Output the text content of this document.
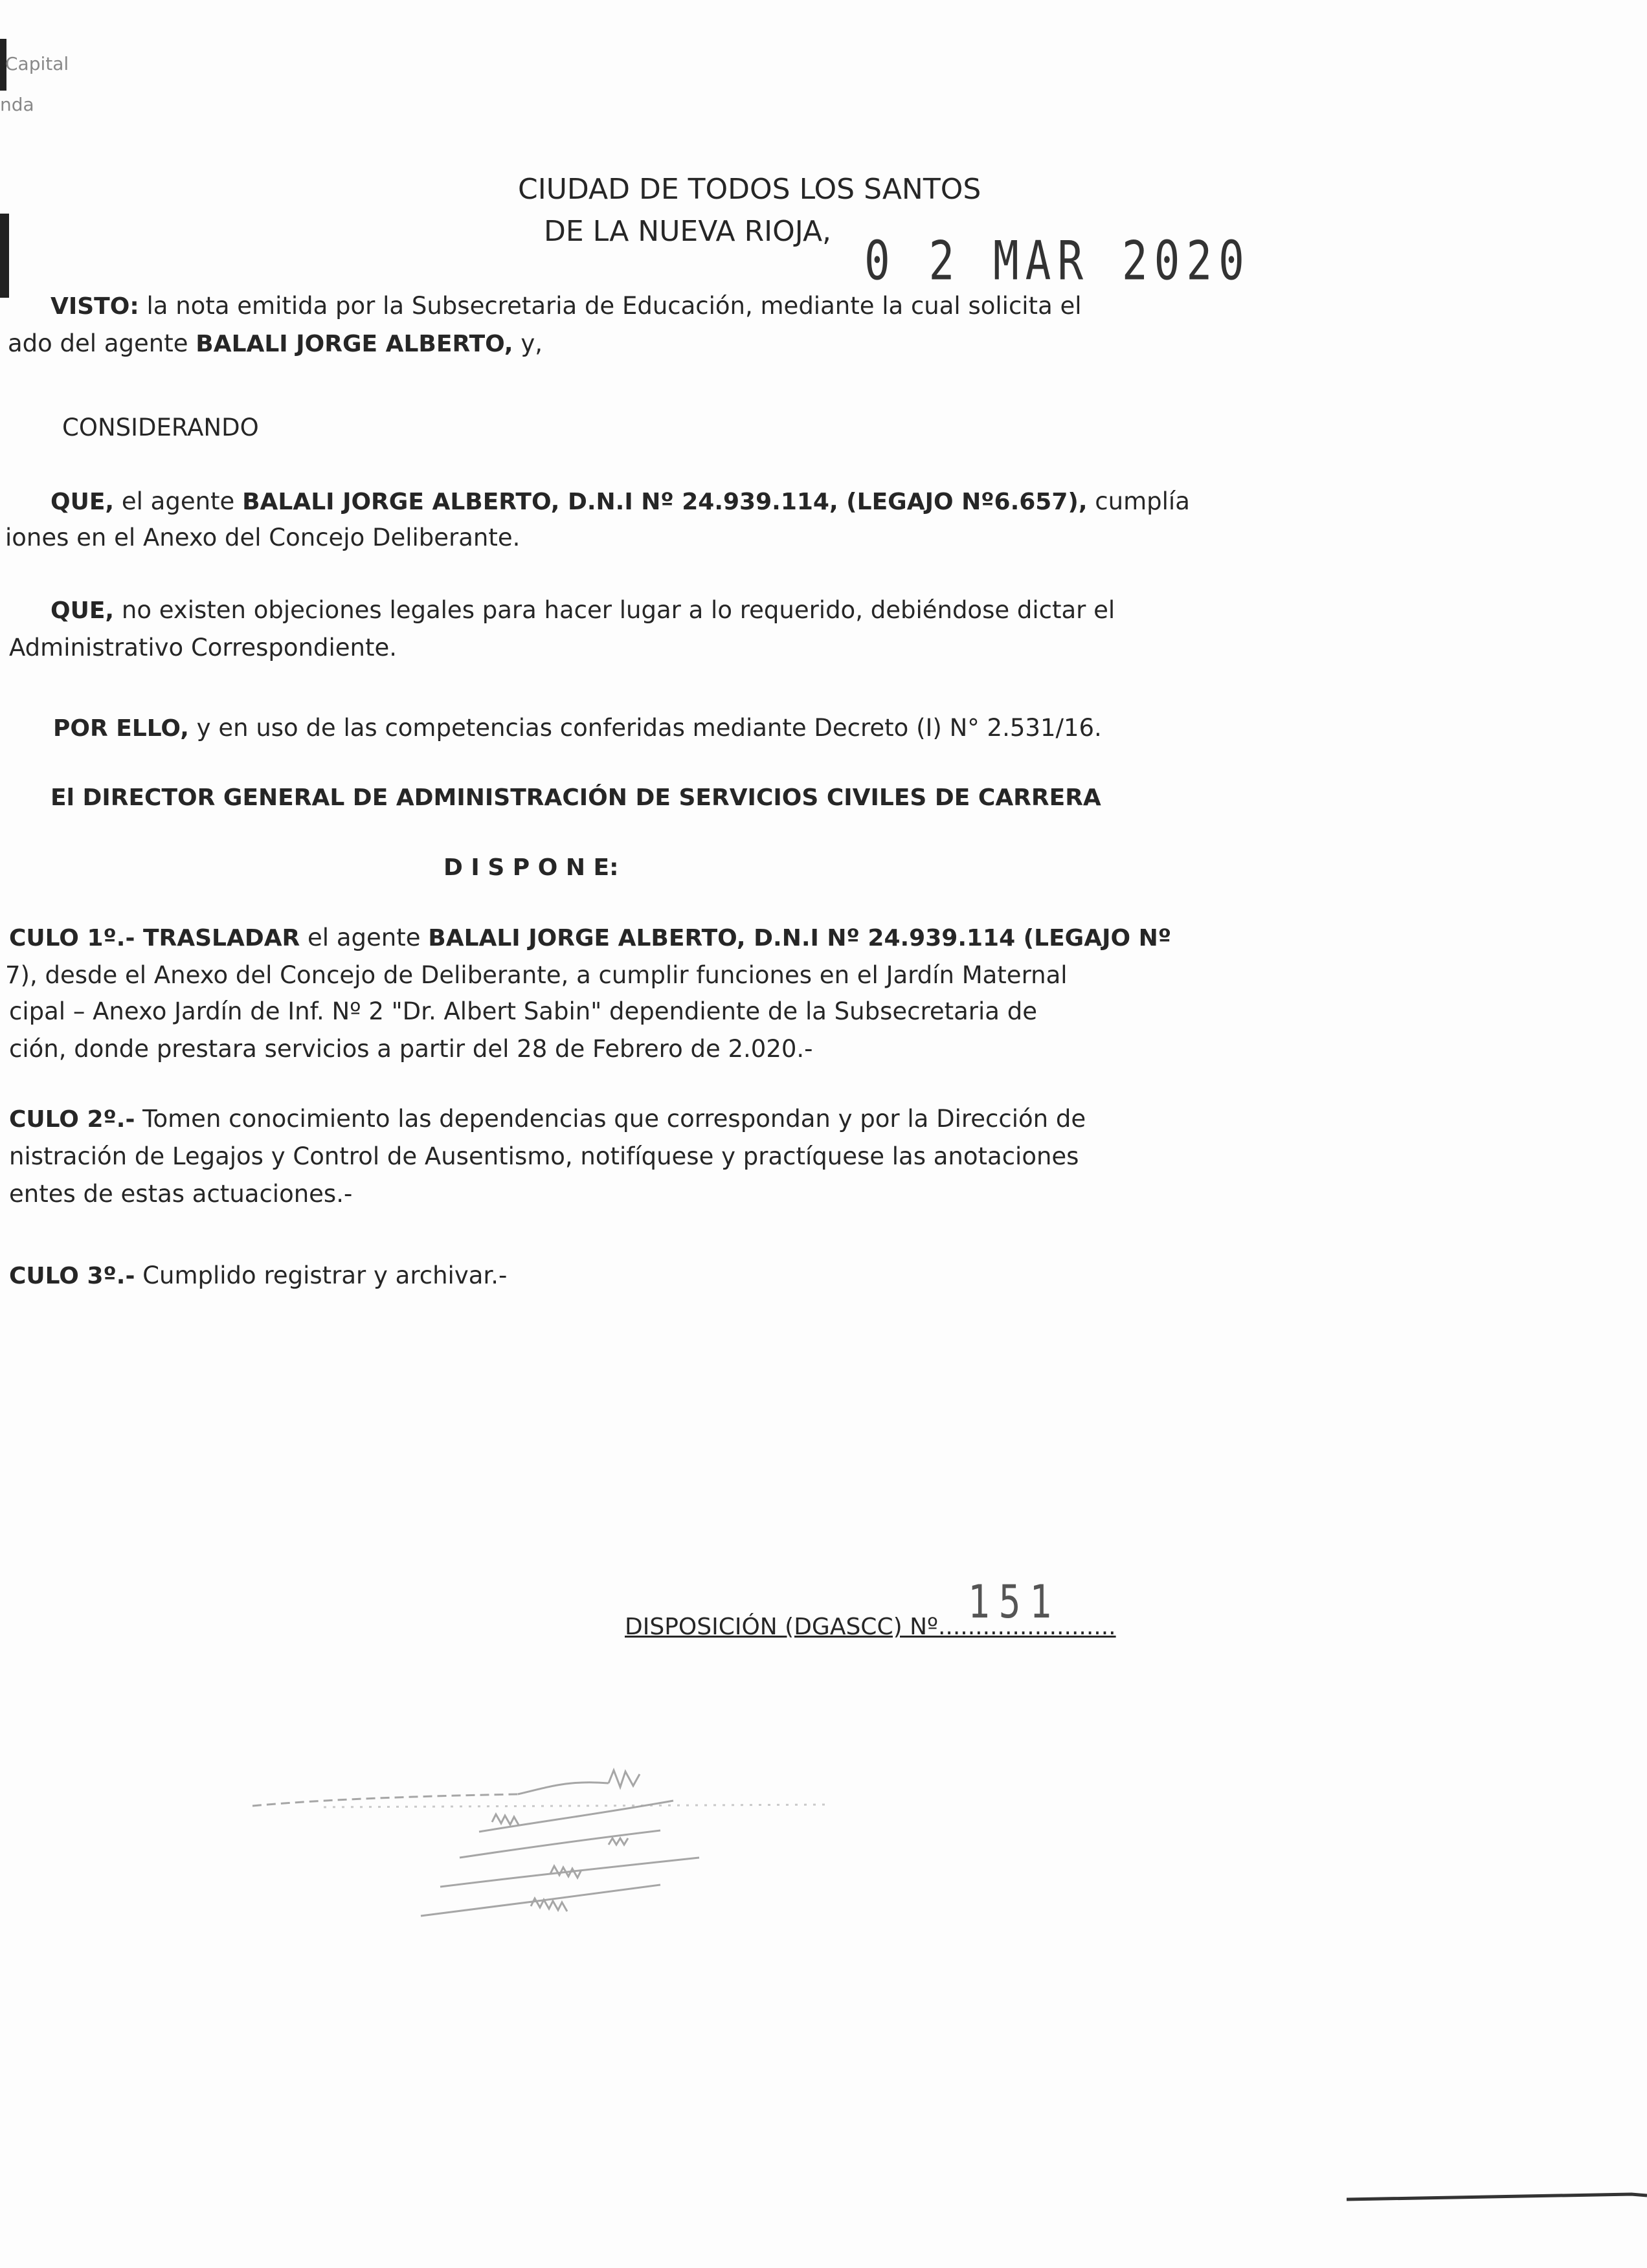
Capital
nda
CIUDAD DE TODOS LOS SANTOS
DE LA NUEVA RIOJA, 0 2 MAR 2020
VISTO: la nota emitida por la Subsecretaria de Educación, mediante la cual solicita el
ado del agente BALALI JORGE ALBERTO, y,
CONSIDERANDO
QUE, el agente BALALI JORGE ALBERTO, D.N.I Nº 24.939.114, (LEGAJO Nº6.657), cumplía
iones en el Anexo del Concejo Deliberante.
QUE, no existen objeciones legales para hacer lugar a lo requerido, debiéndose dictar el
Administrativo Correspondiente.
POR ELLO, y en uso de las competencias conferidas mediante Decreto (I) N° 2.531/16.
El DIRECTOR GENERAL DE ADMINISTRACIÓN DE SERVICIOS CIVILES DE CARRERA
D I S P O N E:
CULO 1º.- TRASLADAR el agente BALALI JORGE ALBERTO, D.N.I Nº 24.939.114 (LEGAJO Nº
7), desde el Anexo del Concejo de Deliberante, a cumplir funciones en el Jardín Maternal
cipal – Anexo Jardín de Inf. Nº 2 "Dr. Albert Sabin" dependiente de la Subsecretaria de
ción, donde prestara servicios a partir del 28 de Febrero de 2.020.-
CULO 2º.- Tomen conocimiento las dependencias que correspondan y por la Dirección de
nistración de Legajos y Control de Ausentismo, notifíquese y practíquese las anotaciones
entes de estas actuaciones.-
CULO 3º.- Cumplido registrar y archivar.-
151
DISPOSICIÓN (DGASCC) Nº........................
